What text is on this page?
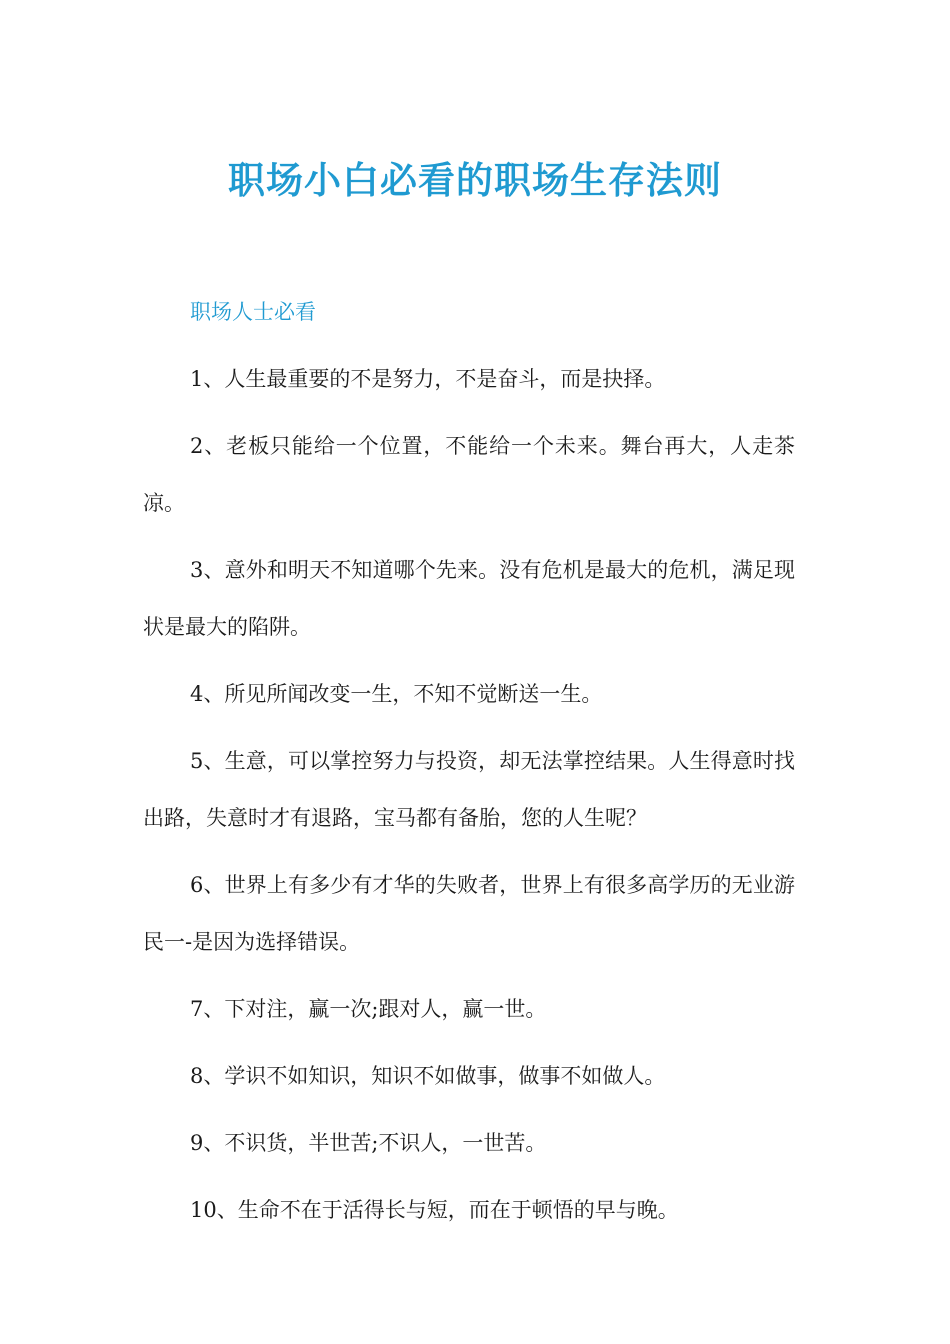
职场小白必看的职场生存法则

职场人士必看

1、人生最重要的不是努力，不是奋斗，而是抉择。

2、老板只能给一个位置，不能给一个未来。舞台再大，人走茶凉。

3、意外和明天不知道哪个先来。没有危机是最大的危机，满足现状是最大的陷阱。

4、所见所闻改变一生，不知不觉断送一生。

5、生意，可以掌控努力与投资，却无法掌控结果。人生得意时找出路，失意时才有退路，宝马都有备胎，您的人生呢？

6、世界上有多少有才华的失败者，世界上有很多高学历的无业游民一-是因为选择错误。

7、下对注，赢一次;跟对人，赢一世。

8、学识不如知识，知识不如做事，做事不如做人。

9、不识货，半世苦;不识人，一世苦。

10、生命不在于活得长与短，而在于顿悟的早与晚。
